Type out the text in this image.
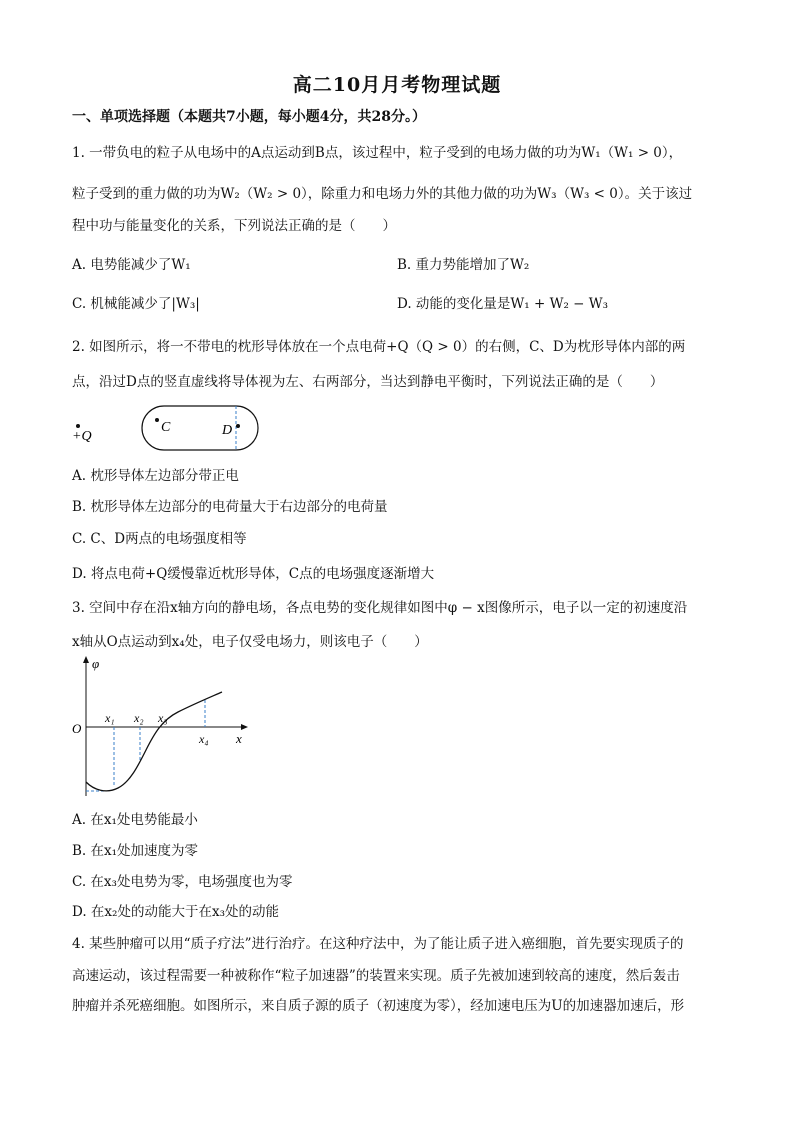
高二10月月考物理试题
一、单项选择题（本题共7小题，每小题4分，共28分。）
1. 一带负电的粒子从电场中的A点运动到B点，该过程中，粒子受到的电场力做的功为W₁（W₁ > 0），
粒子受到的重力做的功为W₂（W₂ > 0），除重力和电场力外的其他力做的功为W₃（W₃ < 0）。关于该过
程中功与能量变化的关系，下列说法正确的是（　　）
A. 电势能减少了W₁	B. 重力势能增加了W₂
C. 机械能减少了|W₃|	D. 动能的变化量是W₁ + W₂ − W₃
2. 如图所示，将一不带电的枕形导体放在一个点电荷+Q（Q > 0）的右侧，C、D为枕形导体内部的两
点，沿过D点的竖直虚线将导体视为左、右两部分，当达到静电平衡时，下列说法正确的是（　　）
+Q
C	D
A. 枕形导体左边部分带正电
B. 枕形导体左边部分的电荷量大于右边部分的电荷量
C. C、D两点的电场强度相等
D. 将点电荷+Q缓慢靠近枕形导体，C点的电场强度逐渐增大
3. 空间中存在沿x轴方向的静电场，各点电势的变化规律如图中φ − x图像所示，电子以一定的初速度沿
x轴从O点运动到x₄处，电子仅受电场力，则该电子（　　）
φ
x
O
x₁ x₂ x₃
x₄
A. 在x₁处电势能最小
B. 在x₁处加速度为零
C. 在x₃处电势为零，电场强度也为零
D. 在x₂处的动能大于在x₃处的动能
4. 某些肿瘤可以用“质子疗法”进行治疗。在这种疗法中，为了能让质子进入癌细胞，首先要实现质子的
高速运动，该过程需要一种被称作“粒子加速器”的装置来实现。质子先被加速到较高的速度，然后轰击
肿瘤并杀死癌细胞。如图所示，来自质子源的质子（初速度为零），经加速电压为U的加速器加速后，形
